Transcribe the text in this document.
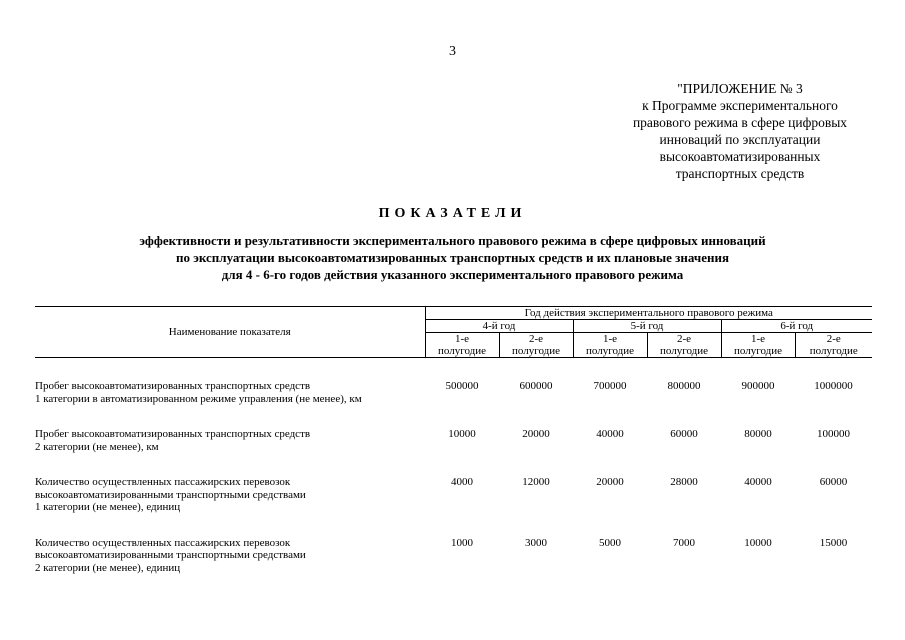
3
"ПРИЛОЖЕНИЕ № 3
к Программе экспериментального
правового режима в сфере цифровых
инноваций по эксплуатации
высокоавтоматизированных
транспортных средств
ПОКАЗАТЕЛИ
эффективности и результативности экспериментального правового режима в сфере цифровых инноваций
по эксплуатации высокоавтоматизированных транспортных средств и их плановые значения
для 4 - 6-го годов действия указанного экспериментального правового режима
Наименование показателя	Год действия экспериментального правового режима					
	4-й год		5-й год		6-й год	
	1-е	2-е	1-е	2-е	1-е	2-е
	полугодие	полугодие	полугодие	полугодие	полугодие	полугодие

Пробег высокоавтоматизированных транспортных средств
1 категории в автоматизированном режиме управления (не менее), км	500000	600000	700000	800000	900000	1000000

Пробег высокоавтоматизированных транспортных средств
2 категории (не менее), км	10000	20000	40000	60000	80000	100000

Количество осуществленных пассажирских перевозок
высокоавтоматизированными транспортными средствами
1 категории (не менее), единиц	4000	12000	20000	28000	40000	60000

Количество осуществленных пассажирских перевозок
высокоавтоматизированными транспортными средствами
2 категории (не менее), единиц	1000	3000	5000	7000	10000	15000
